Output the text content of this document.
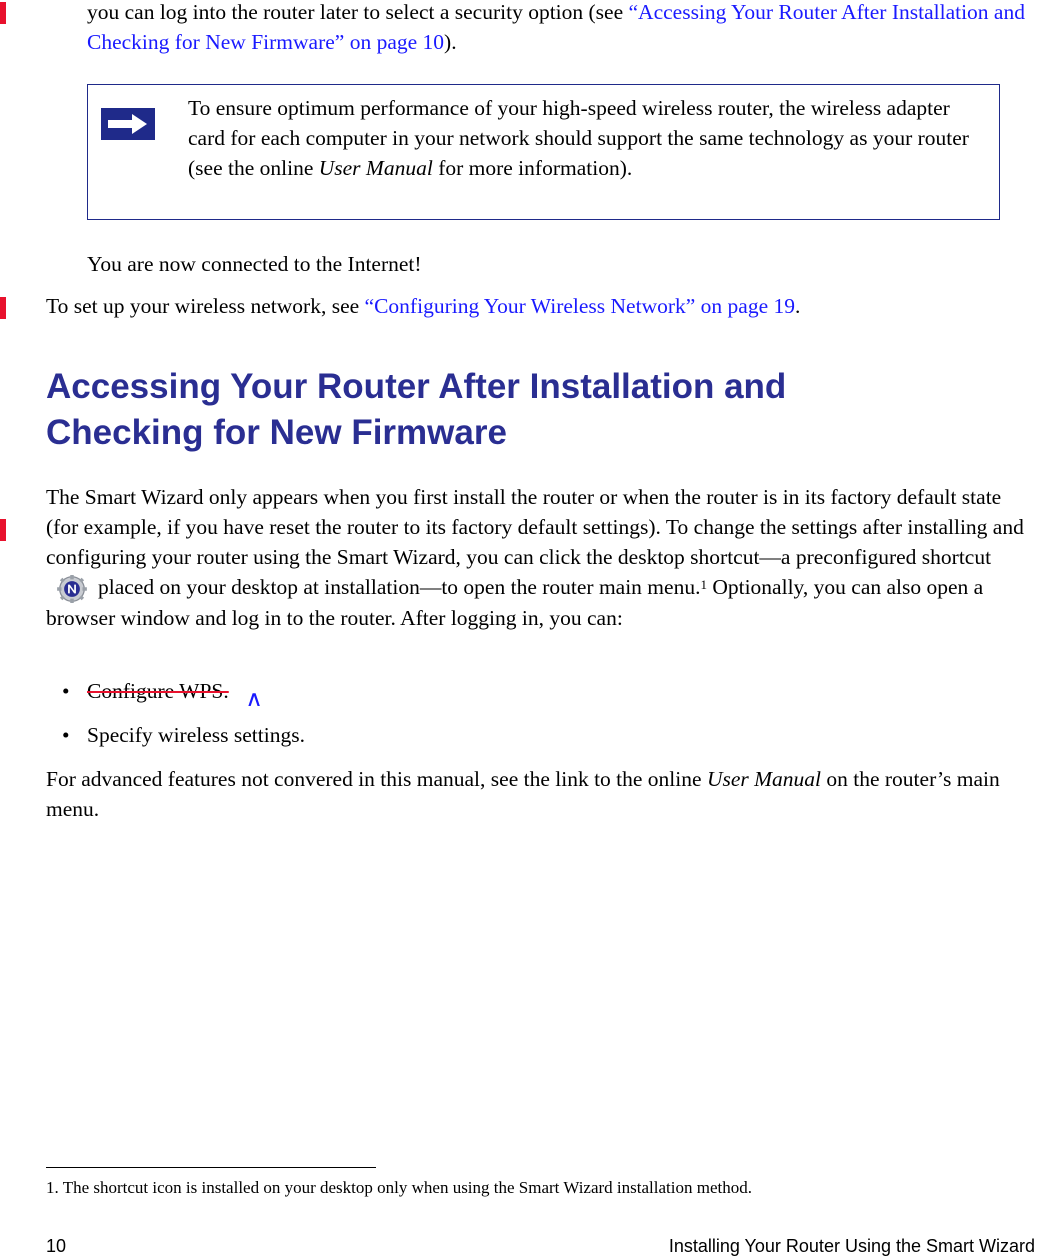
you can log into the router later to select a security option (see “Accessing Your Router After Installation and Checking for New Firmware” on page 10).

To ensure optimum performance of your high-speed wireless router, the wireless adapter card for each computer in your network should support the same technology as your router (see the online User Manual for more information).

You are now connected to the Internet!

To set up your wireless network, see “Configuring Your Wireless Network” on page 19.

Accessing Your Router After Installation and Checking for New Firmware

The Smart Wizard only appears when you first install the router or when the router is in its factory default state (for example, if you have reset the router to its factory default settings). To change the settings after installing and configuring your router using the Smart Wizard, you can click the desktop shortcut—a preconfigured shortcutplaced on your desktop at installation—to open the router main menu.$^1$ Optionally, you can also open a browser window and log in to the router. After logging in, you can:

• Configure WPS. ∧
• Specify wireless settings.

For advanced features not convered in this manual, see the link to the online User Manual on the router’s main menu.

1. The shortcut icon is installed on your desktop only when using the Smart Wizard installation method.
10	Installing Your Router Using the Smart Wizard
